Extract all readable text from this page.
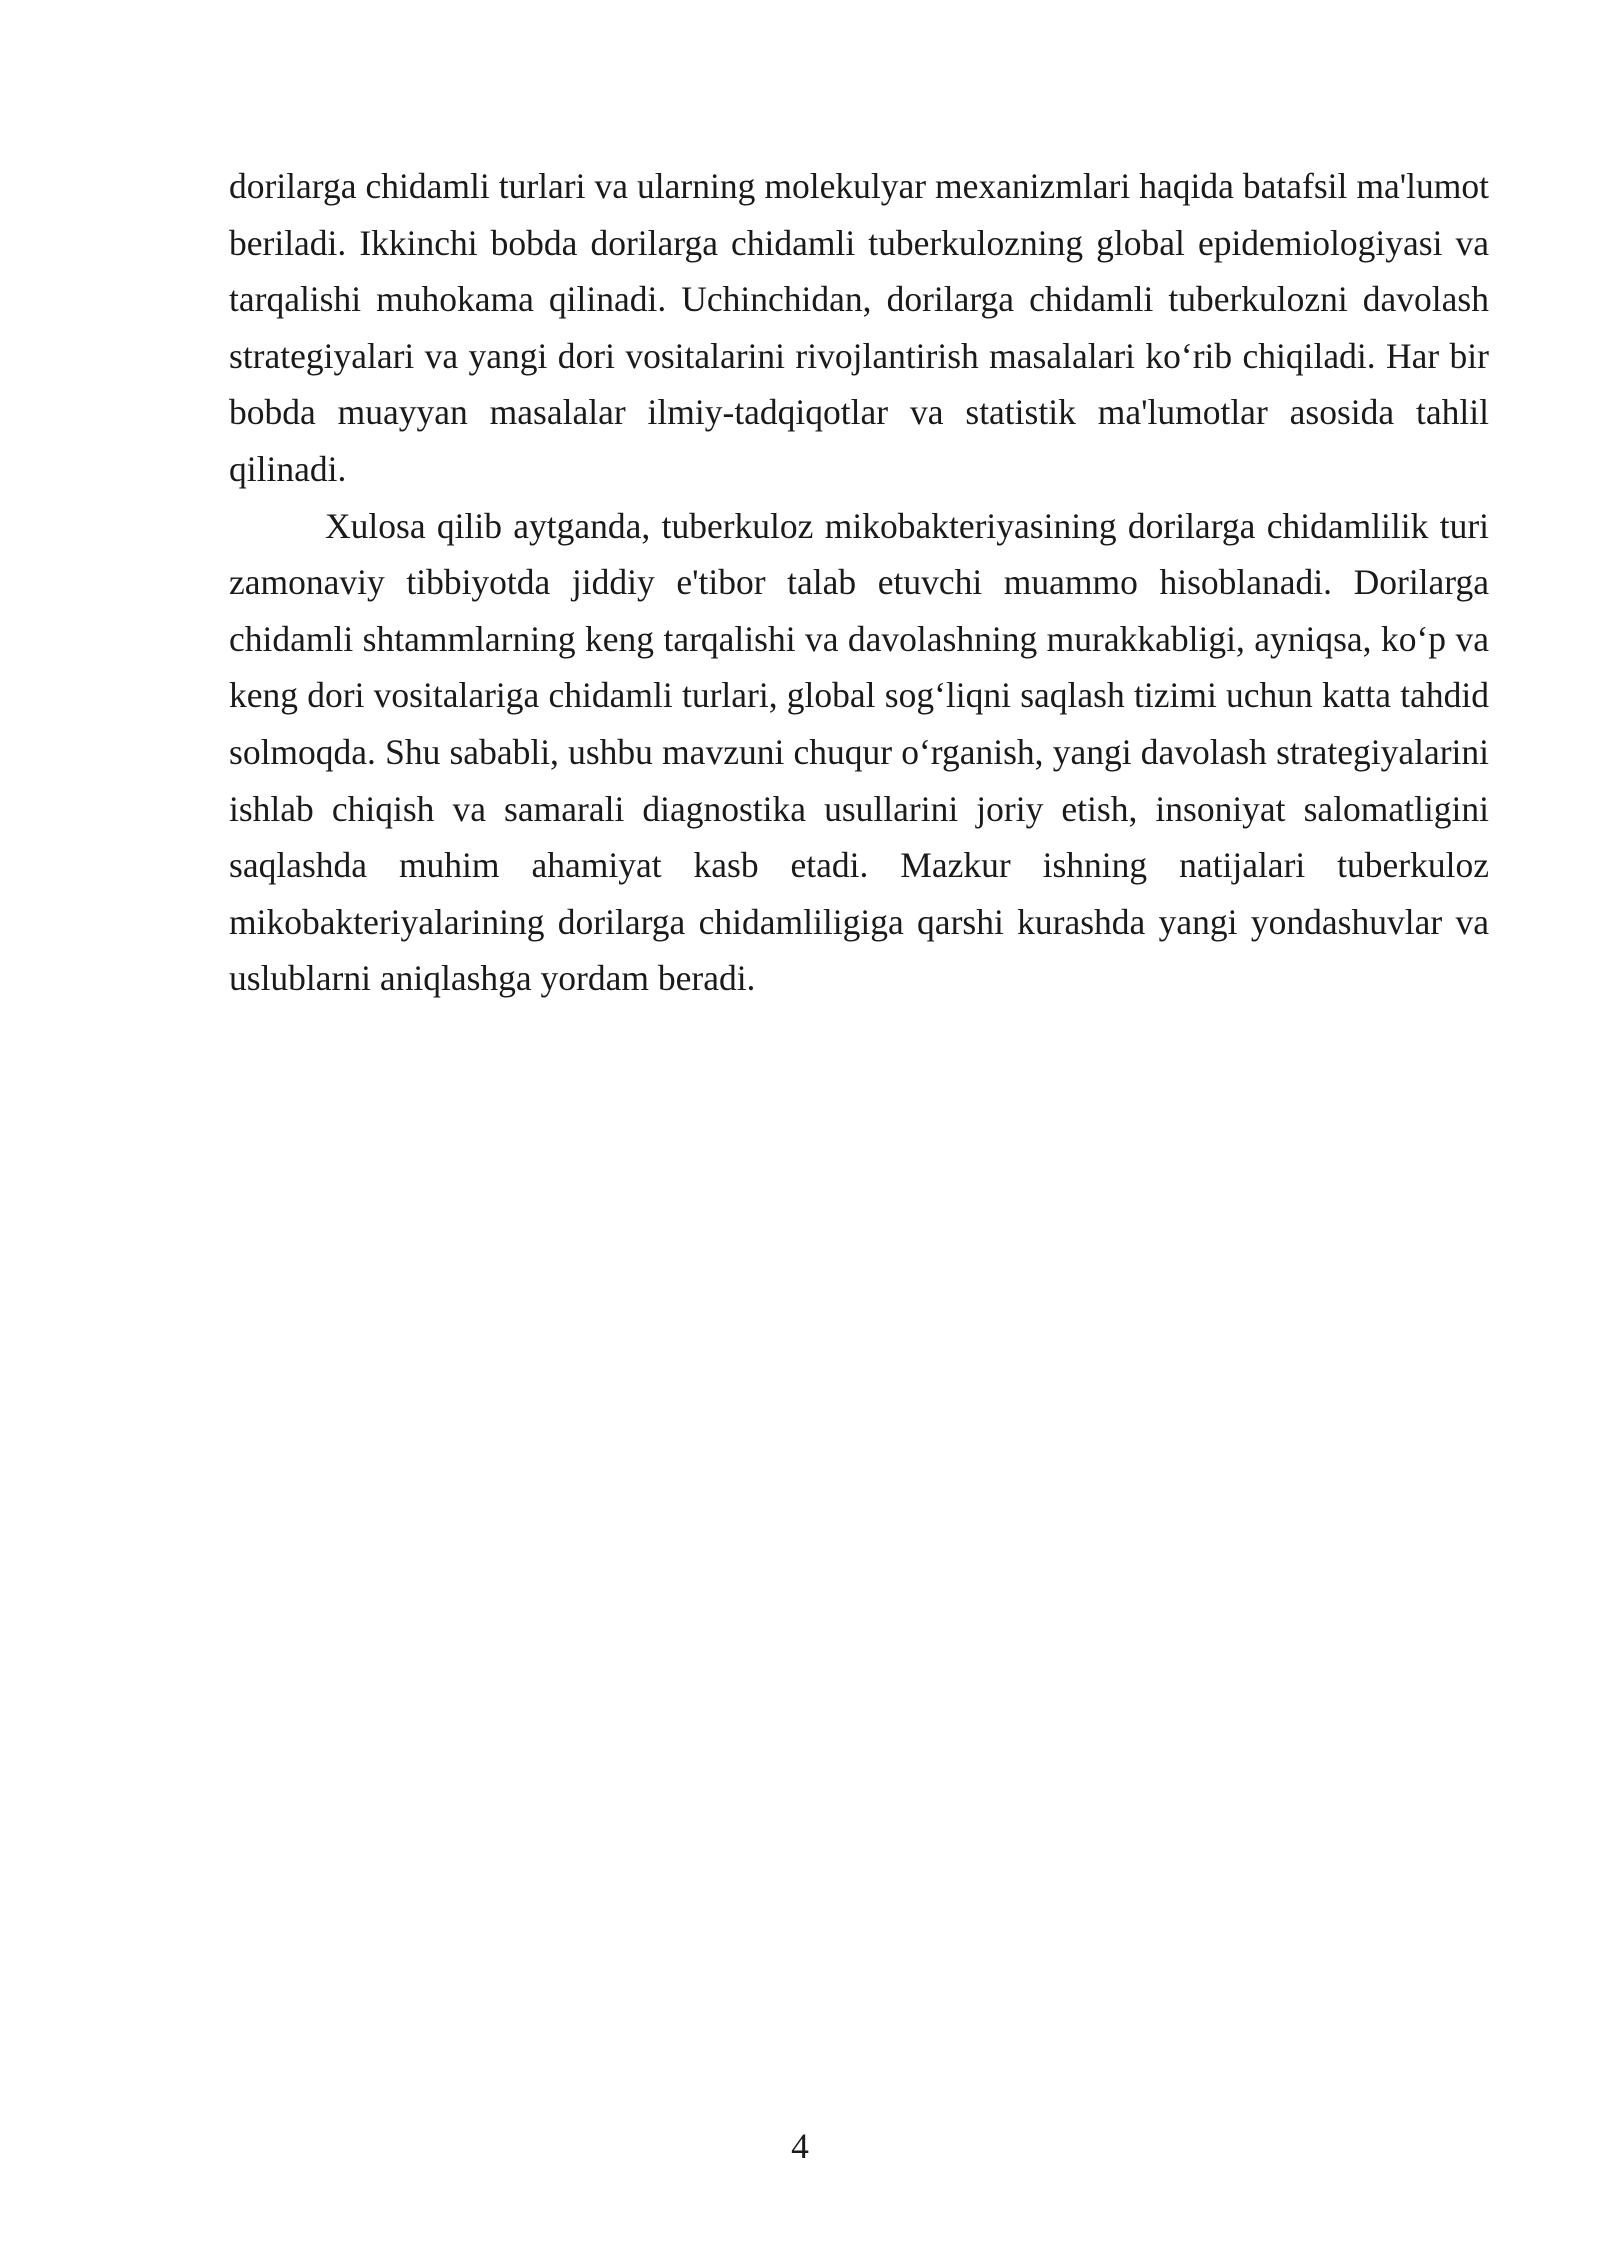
dorilarga chidamli turlari va ularning molekulyar mexanizmlari haqida batafsil ma'lumot beriladi. Ikkinchi bobda dorilarga chidamli tuberkulozning global epidemiologiyasi va tarqalishi muhokama qilinadi. Uchinchidan, dorilarga chidamli tuberkulozni davolash strategiyalari va yangi dori vositalarini rivojlantirish masalalari ko‘rib chiqiladi. Har bir bobda muayyan masalalar ilmiy-tadqiqotlar va statistik ma'lumotlar asosida tahlil qilinadi.

Xulosa qilib aytganda, tuberkuloz mikobakteriyasining dorilarga chidamlilik turi zamonaviy tibbiyotda jiddiy e'tibor talab etuvchi muammo hisoblanadi. Dorilarga chidamli shtammlarning keng tarqalishi va davolashning murakkabligi, ayniqsa, ko‘p va keng dori vositalariga chidamli turlari, global sog‘liqni saqlash tizimi uchun katta tahdid solmoqda. Shu sababli, ushbu mavzuni chuqur o‘rganish, yangi davolash strategiyalarini ishlab chiqish va samarali diagnostika usullarini joriy etish, insoniyat salomatligini saqlashda muhim ahamiyat kasb etadi. Mazkur ishning natijalari tuberkuloz mikobakteriyalarining dorilarga chidamliligiga qarshi kurashda yangi yondashuvlar va uslublarni aniqlashga yordam beradi.

4
